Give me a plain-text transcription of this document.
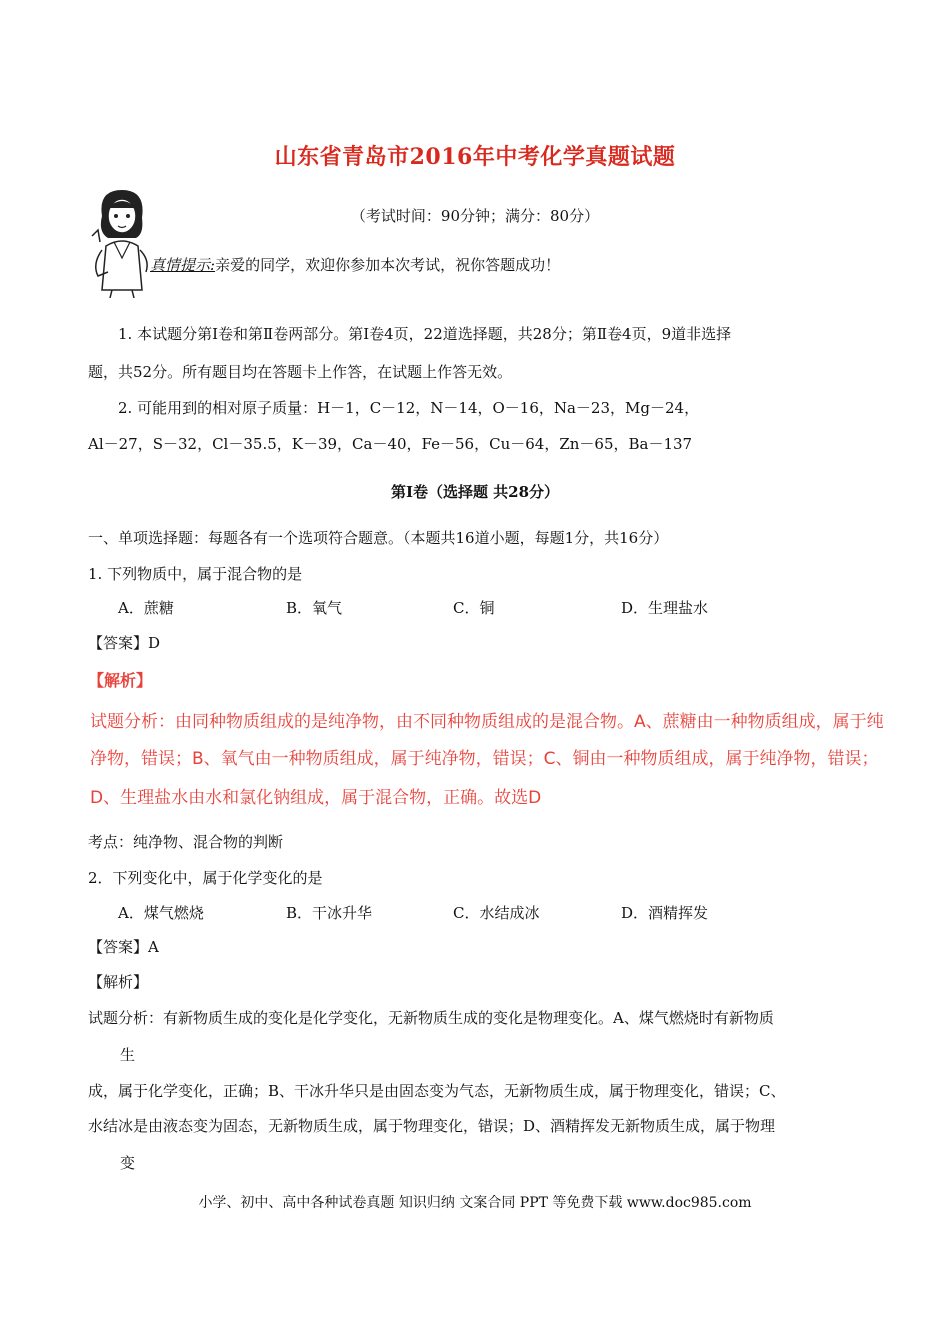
山东省青岛市2016年中考化学真题试题
（考试时间：90分钟；满分：80分）
真情提示:亲爱的同学，欢迎你参加本次考试，祝你答题成功！
1. 本试题分第Ⅰ卷和第Ⅱ卷两部分。第Ⅰ卷4页，22道选择题，共28分；第Ⅱ卷4页，9道非选择
题，共52分。所有题目均在答题卡上作答，在试题上作答无效。
2. 可能用到的相对原子质量：H－1，C－12，N－14，O－16，Na－23，Mg－24，
Al－27，S－32，Cl－35.5，K－39，Ca－40，Fe－56，Cu－64，Zn－65，Ba－137
第Ⅰ卷（选择题 共28分）
一、单项选择题：每题各有一个选项符合题意。（本题共16道小题，每题1分，共16分）
1. 下列物质中，属于混合物的是
A．蔗糖	B．氧气	C．铜	D．生理盐水
【答案】D
【解析】
试题分析：由同种物质组成的是纯净物，由不同种物质组成的是混合物。A、蔗糖由一种物质组成，属于纯
净物，错误；B、氧气由一种物质组成，属于纯净物，错误；C、铜由一种物质组成，属于纯净物，错误；
D、生理盐水由水和氯化钠组成，属于混合物，正确。故选D
考点：纯净物、混合物的判断
2．下列变化中，属于化学变化的是
A．煤气燃烧	B．干冰升华	C．水结成冰	D．酒精挥发
【答案】A
【解析】
试题分析：有新物质生成的变化是化学变化，无新物质生成的变化是物理变化。A、煤气燃烧时有新物质
生
成，属于化学变化，正确；B、干冰升华只是由固态变为气态，无新物质生成，属于物理变化，错误；C、
水结冰是由液态变为固态，无新物质生成，属于物理变化，错误；D、酒精挥发无新物质生成，属于物理
变
小学、初中、高中各种试卷真题 知识归纳 文案合同 PPT 等免费下载 www.doc985.com
